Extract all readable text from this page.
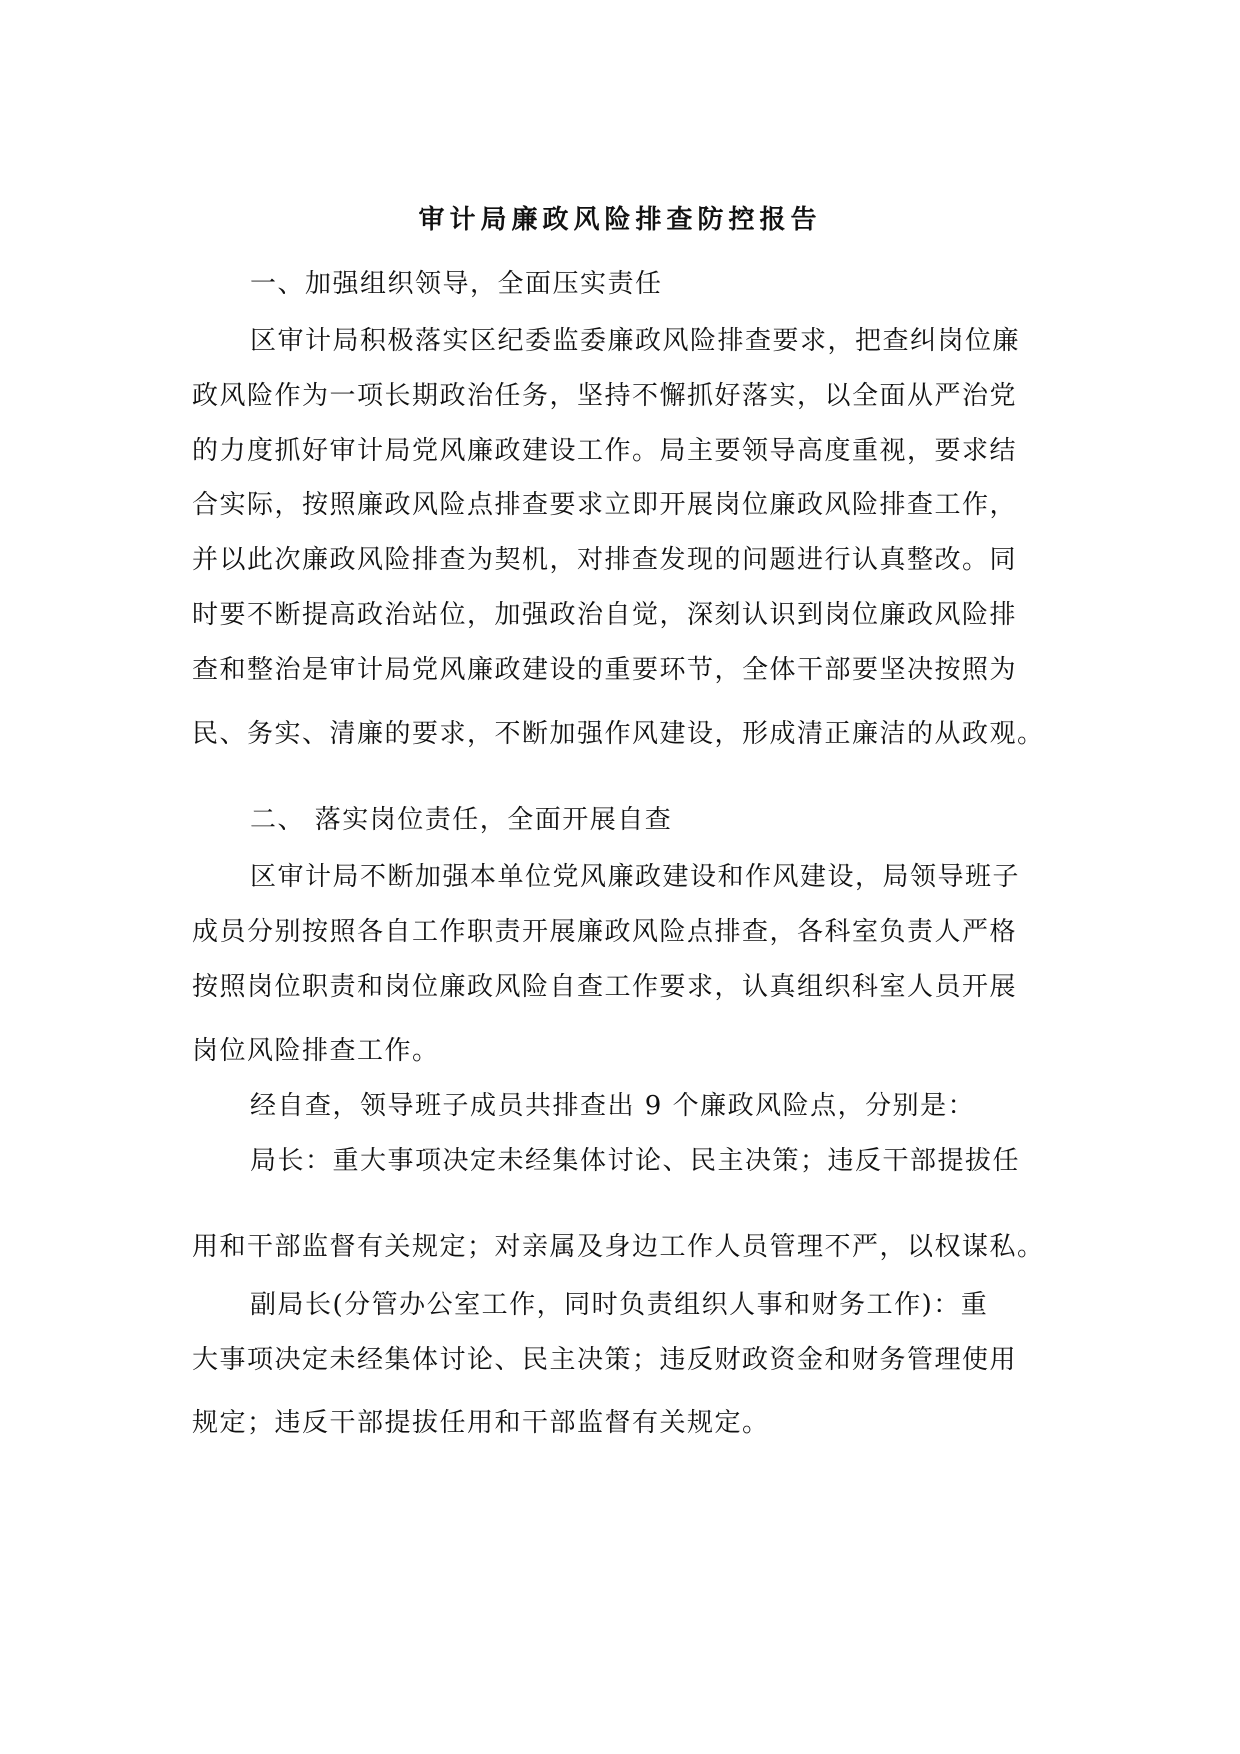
审计局廉政风险排查防控报告
一、加强组织领导，全面压实责任
区审计局积极落实区纪委监委廉政风险排查要求，把查纠岗位廉
政风险作为一项长期政治任务，坚持不懈抓好落实，以全面从严治党
的力度抓好审计局党风廉政建设工作。局主要领导高度重视，要求结
合实际，按照廉政风险点排查要求立即开展岗位廉政风险排查工作，
并以此次廉政风险排查为契机，对排查发现的问题进行认真整改。同
时要不断提高政治站位，加强政治自觉，深刻认识到岗位廉政风险排
查和整治是审计局党风廉政建设的重要环节，全体干部要坚决按照为
民、务实、清廉的要求，不断加强作风建设，形成清正廉洁的从政观。
二、 落实岗位责任，全面开展自查
区审计局不断加强本单位党风廉政建设和作风建设，局领导班子
成员分别按照各自工作职责开展廉政风险点排查，各科室负责人严格
按照岗位职责和岗位廉政风险自查工作要求，认真组织科室人员开展
岗位风险排查工作。
经自查，领导班子成员共排查出 9 个廉政风险点，分别是：
局长：重大事项决定未经集体讨论、民主决策；违反干部提拔任
用和干部监督有关规定；对亲属及身边工作人员管理不严，以权谋私。
副局长(分管办公室工作，同时负责组织人事和财务工作)：重
大事项决定未经集体讨论、民主决策；违反财政资金和财务管理使用
规定；违反干部提拔任用和干部监督有关规定。
